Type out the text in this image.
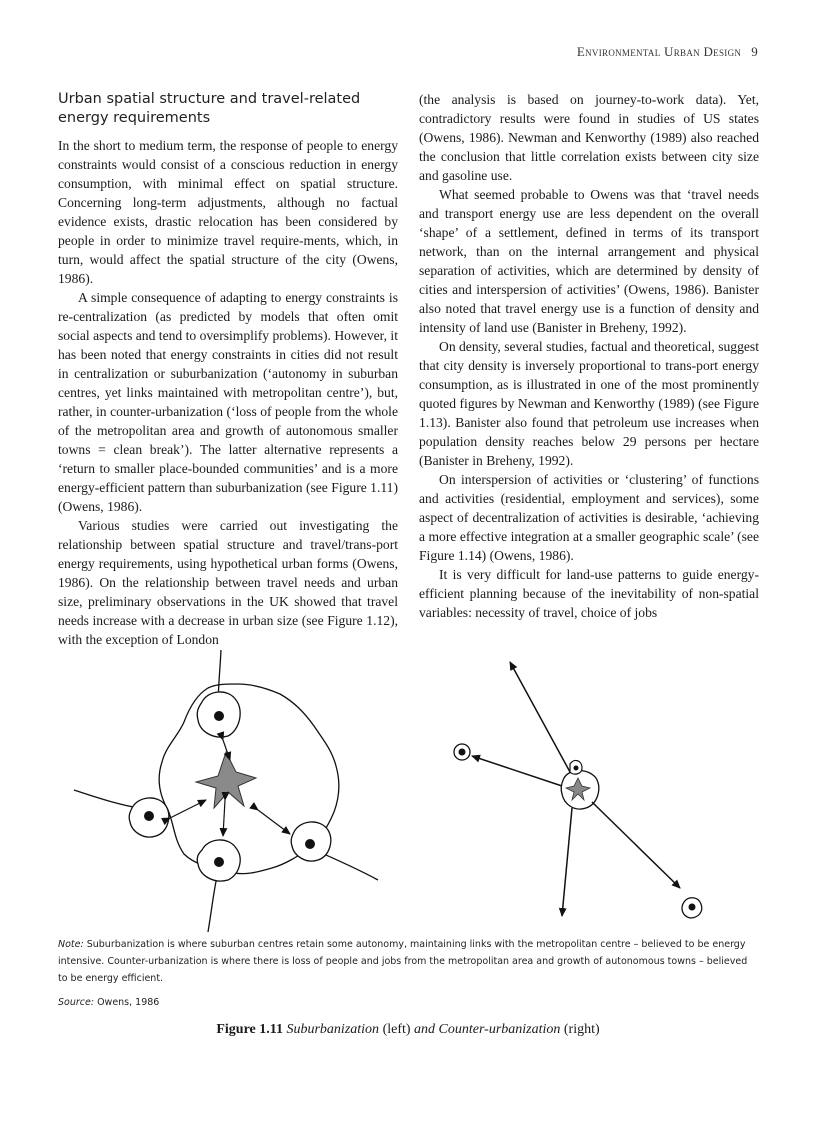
Environmental Urban Design 9
Urban spatial structure and travel-related
energy requirements

In the short to medium term, the response of people to energy constraints would consist of a conscious reduction in energy consumption, with minimal effect on spatial structure. Concerning long-term adjustments, although no factual evidence exists, drastic relocation has been considered by people in order to minimize travel require-ments, which, in turn, would affect the spatial structure of the city (Owens, 1986).

A simple consequence of adapting to energy constraints is re-centralization (as predicted by models that often omit social aspects and tend to oversimplify problems). However, it has been noted that energy constraints in cities did not result in centralization or suburbanization (‘autonomy in suburban centres, yet links maintained with metropolitan centre’), but, rather, in counter-urbanization (‘loss of people from the whole of the metropolitan area and growth of autonomous smaller towns = clean break’). The latter alternative represents a ‘return to smaller place-bounded communities’ and is a more energy-efficient pattern than suburbanization (see Figure 1.11) (Owens, 1986).

Various studies were carried out investigating the relationship between spatial structure and travel/trans-port energy requirements, using hypothetical urban forms (Owens, 1986). On the relationship between travel needs and urban size, preliminary observations in the UK showed that travel needs increase with a decrease in urban size (see Figure 1.12), with the exception of London

(the analysis is based on journey-to-work data). Yet, contradictory results were found in studies of US states (Owens, 1986). Newman and Kenworthy (1989) also reached the conclusion that little correlation exists between city size and gasoline use.

What seemed probable to Owens was that ‘travel needs and transport energy use are less dependent on the overall ‘shape’ of a settlement, defined in terms of its transport network, than on the internal arrangement and physical separation of activities, which are determined by density of cities and interspersion of activities’ (Owens, 1986). Banister also noted that travel energy use is a function of density and intensity of land use (Banister in Breheny, 1992).

On density, several studies, factual and theoretical, suggest that city density is inversely proportional to trans-port energy consumption, as is illustrated in one of the most prominently quoted figures by Newman and Kenworthy (1989) (see Figure 1.13). Banister also found that petroleum use increases when population density reaches below 29 persons per hectare (Banister in Breheny, 1992).

On interspersion of activities or ‘clustering’ of functions and activities (residential, employment and services), some aspect of decentralization of activities is desirable, ‘achieving a more effective integration at a smaller geographic scale’ (see Figure 1.14) (Owens, 1986).

It is very difficult for land-use patterns to guide energy-efficient planning because of the inevitability of non-spatial variables: necessity of travel, choice of jobs

Note: Suburbanization is where suburban centres retain some autonomy, maintaining links with the metropolitan centre – believed to be energy intensive. Counter-urbanization is where there is loss of people and jobs from the metropolitan area and growth of autonomous towns – believed to be energy efficient.
Source: Owens, 1986
Figure 1.11 Suburbanization (left) and Counter-urbanization (right)
